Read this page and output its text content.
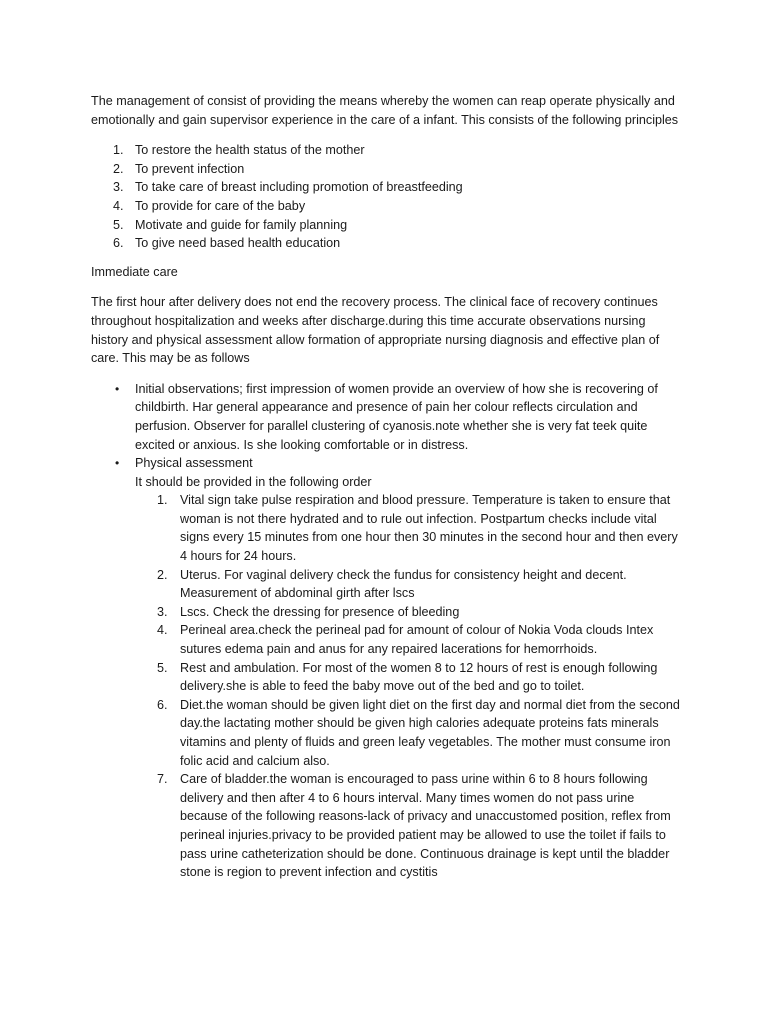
The management of consist of providing the means whereby the women can reap operate physically and emotionally and gain supervisor experience in the care of a infant. This consists of the following principles

1. To restore the health status of the mother
2. To prevent infection
3. To take care of breast including promotion of breastfeeding
4. To provide for care of the baby
5. Motivate and guide for family planning
6. To give need based health education

Immediate care

The first hour after delivery does not end the recovery process. The clinical face of recovery continues throughout hospitalization and weeks after discharge.during this time accurate observations nursing history and physical assessment allow formation of appropriate nursing diagnosis and effective plan of care. This may be as follows

• Initial observations; first impression of women provide an overview of how she is recovering of childbirth. Har general appearance and presence of pain her colour reflects circulation and perfusion. Observer for parallel clustering of cyanosis.note whether she is very fat teek quite excited or anxious. Is she looking comfortable or in distress.
• Physical assessment
It should be provided in the following order
1. Vital sign take pulse respiration and blood pressure. Temperature is taken to ensure that woman is not there hydrated and to rule out infection. Postpartum checks include vital signs every 15 minutes from one hour then 30 minutes in the second hour and then every 4 hours for 24 hours.
2. Uterus. For vaginal delivery check the fundus for consistency height and decent. Measurement of abdominal girth after lscs
3. Lscs. Check the dressing for presence of bleeding
4. Perineal area.check the perineal pad for amount of colour of Nokia Voda clouds Intex sutures edema pain and anus for any repaired lacerations for hemorrhoids.
5. Rest and ambulation. For most of the women 8 to 12 hours of rest is enough following delivery.she is able to feed the baby move out of the bed and go to toilet.
6. Diet.the woman should be given light diet on the first day and normal diet from the second day.the lactating mother should be given high calories adequate proteins fats minerals vitamins and plenty of fluids and green leafy vegetables. The mother must consume iron folic acid and calcium also.
7. Care of bladder.the woman is encouraged to pass urine within 6 to 8 hours following delivery and then after 4 to 6 hours interval. Many times women do not pass urine because of the following reasons-lack of privacy and unaccustomed position, reflex from perineal injuries.privacy to be provided patient may be allowed to use the toilet if fails to pass urine catheterization should be done. Continuous drainage is kept until the bladder stone is region to prevent infection and cystitis
